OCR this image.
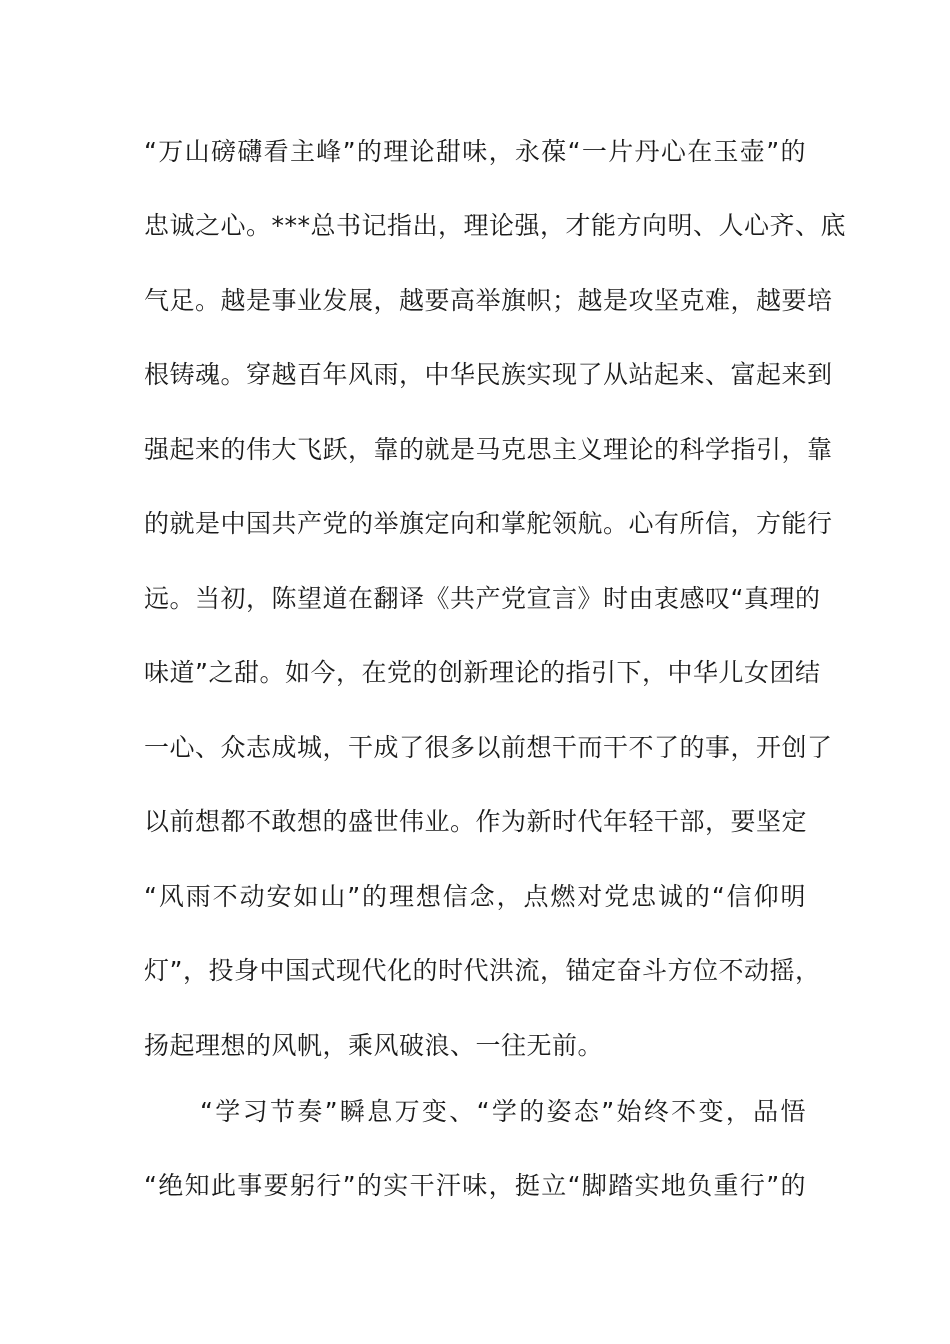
“万山磅礴看主峰”的理论甜味，永葆“一片丹心在玉壶”的
忠诚之心。***总书记指出，理论强，才能方向明、人心齐、底
气足。越是事业发展，越要高举旗帜；越是攻坚克难，越要培
根铸魂。穿越百年风雨，中华民族实现了从站起来、富起来到
强起来的伟大飞跃，靠的就是马克思主义理论的科学指引，靠
的就是中国共产党的举旗定向和掌舵领航。心有所信，方能行
远。当初，陈望道在翻译《共产党宣言》时由衷感叹“真理的
味道”之甜。如今，在党的创新理论的指引下，中华儿女团结
一心、众志成城，干成了很多以前想干而干不了的事，开创了
以前想都不敢想的盛世伟业。作为新时代年轻干部，要坚定
“风雨不动安如山”的理想信念，点燃对党忠诚的“信仰明
灯”，投身中国式现代化的时代洪流，锚定奋斗方位不动摇，
扬起理想的风帆，乘风破浪、一往无前。
“学习节奏”瞬息万变、“学的姿态”始终不变，品悟
“绝知此事要躬行”的实干汗味，挺立“脚踏实地负重行”的
